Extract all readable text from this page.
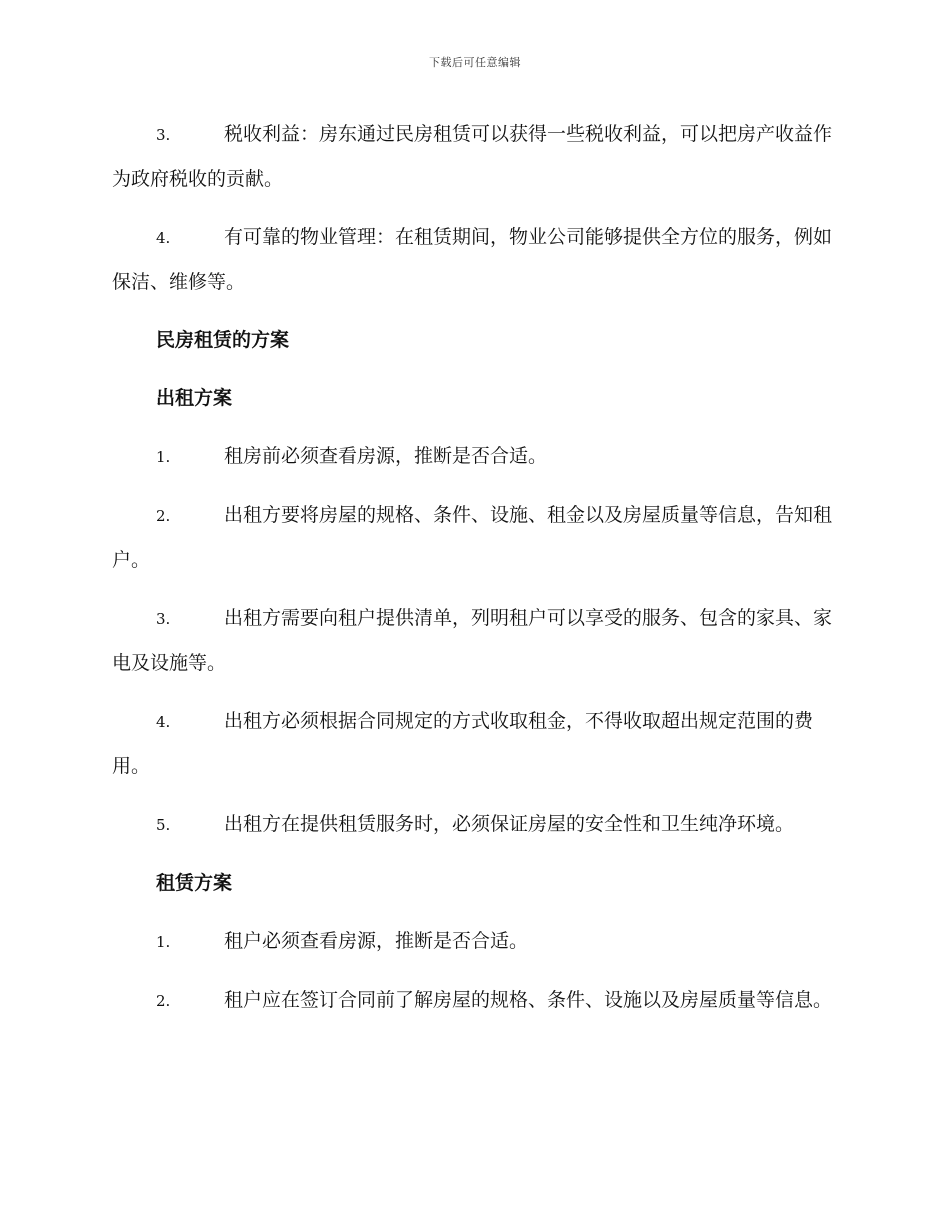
下载后可任意编辑

3.	税收利益：房东通过民房租赁可以获得一些税收利益，可以把房产收益作为政府税收的贡献。

4.	有可靠的物业管理：在租赁期间，物业公司能够提供全方位的服务，例如保洁、维修等。

民房租赁的方案

出租方案

1.	租房前必须查看房源，推断是否合适。

2.	出租方要将房屋的规格、条件、设施、租金以及房屋质量等信息，告知租户。

3.	出租方需要向租户提供清单，列明租户可以享受的服务、包含的家具、家电及设施等。

4.	出租方必须根据合同规定的方式收取租金，不得收取超出规定范围的费用。

5.	出租方在提供租赁服务时，必须保证房屋的安全性和卫生纯净环境。

租赁方案

1.	租户必须查看房源，推断是否合适。

2.	租户应在签订合同前了解房屋的规格、条件、设施以及房屋质量等信息。
